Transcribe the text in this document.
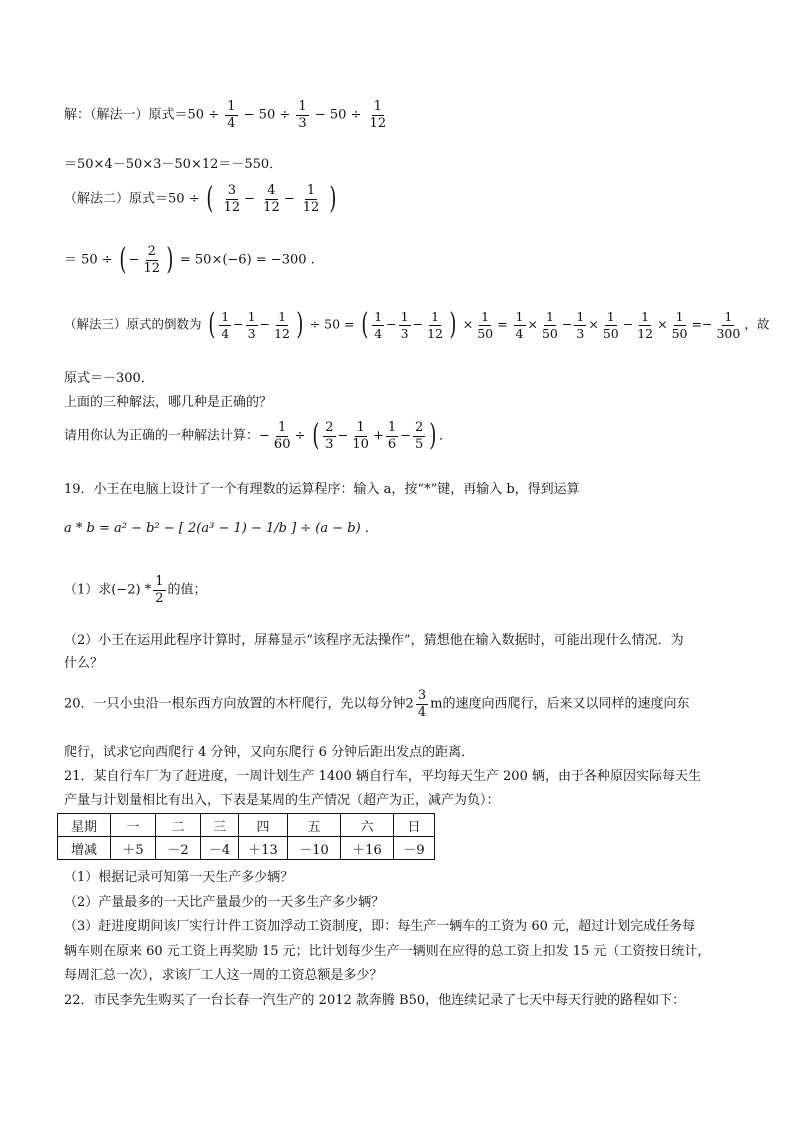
解：（解法一）原式$=50 \div \frac{1}{4} - 50 \div \frac{1}{3} - 50 \div \frac{1}{12}$
＝50×4－50×3－50×12＝－550．
（解法二）原式＝50 ÷ ( $\frac{3}{12} - \frac{4}{12} - \frac{1}{12}$ )
＝ 50 ÷ ( − $\frac{2}{12}$ ) = 50×(−6) = −300 .
（解法三）原式的倒数为 ( $\frac{1}{4} - \frac{1}{3} - \frac{1}{12}$ ) ÷ 50 = ( $\frac{1}{4} - \frac{1}{3} - \frac{1}{12}$ ) × $\frac{1}{50} = \frac{1}{4} \times \frac{1}{50} - \frac{1}{3} \times \frac{1}{50} - \frac{1}{12} \times \frac{1}{50} =- \frac{1}{300}$ ，故
原式＝－300．
上面的三种解法，哪几种是正确的？
请用你认为正确的一种解法计算：− $\frac{1}{60}$ ÷ ( $\frac{2}{3} - \frac{1}{10} + \frac{1}{6} - \frac{2}{5}$ ) ．
19．小王在电脑上设计了一个有理数的运算程序：输入 a，按“*”键，再输入 b，得到运算
a * b = a² − b² − [ 2(a³ − 1) − 1/b ] ÷ (a − b) .
（1）求$(-2) * \frac{1}{2}$ 的值；
（2）小王在运用此程序计算时，屏幕显示“该程序无法操作”，猜想他在输入数据时，可能出现什么情况．为
什么？
20．一只小虫沿一根东西方向放置的木杆爬行，先以每分钟$2 \frac{3}{4}$ m的速度向西爬行，后来又以同样的速度向东
爬行，试求它向西爬行 4 分钟，又向东爬行 6 分钟后距出发点的距离．
21．某自行车厂为了赶进度，一周计划生产 1400 辆自行车，平均每天生产 200 辆，由于各种原因实际每天生
产量与计划量相比有出入，下表是某周的生产情况（超产为正，减产为负）：
星期	一	二	三	四	五	六	日
增减	＋5	－2	－4	＋13	－10	＋16	－9
（1）根据记录可知第一天生产多少辆？
（2）产量最多的一天比产量最少的一天多生产多少辆？
（3）赶进度期间该厂实行计件工资加浮动工资制度，即：每生产一辆车的工资为 60 元，超过计划完成任务每
辆车则在原来 60 元工资上再奖励 15 元；比计划每少生产一辆则在应得的总工资上扣发 15 元（工资按日统计，
每周汇总一次），求该厂工人这一周的工资总额是多少？
22．市民李先生购买了一台长春一汽生产的 2012 款奔腾 B50，他连续记录了七天中每天行驶的路程如下：
